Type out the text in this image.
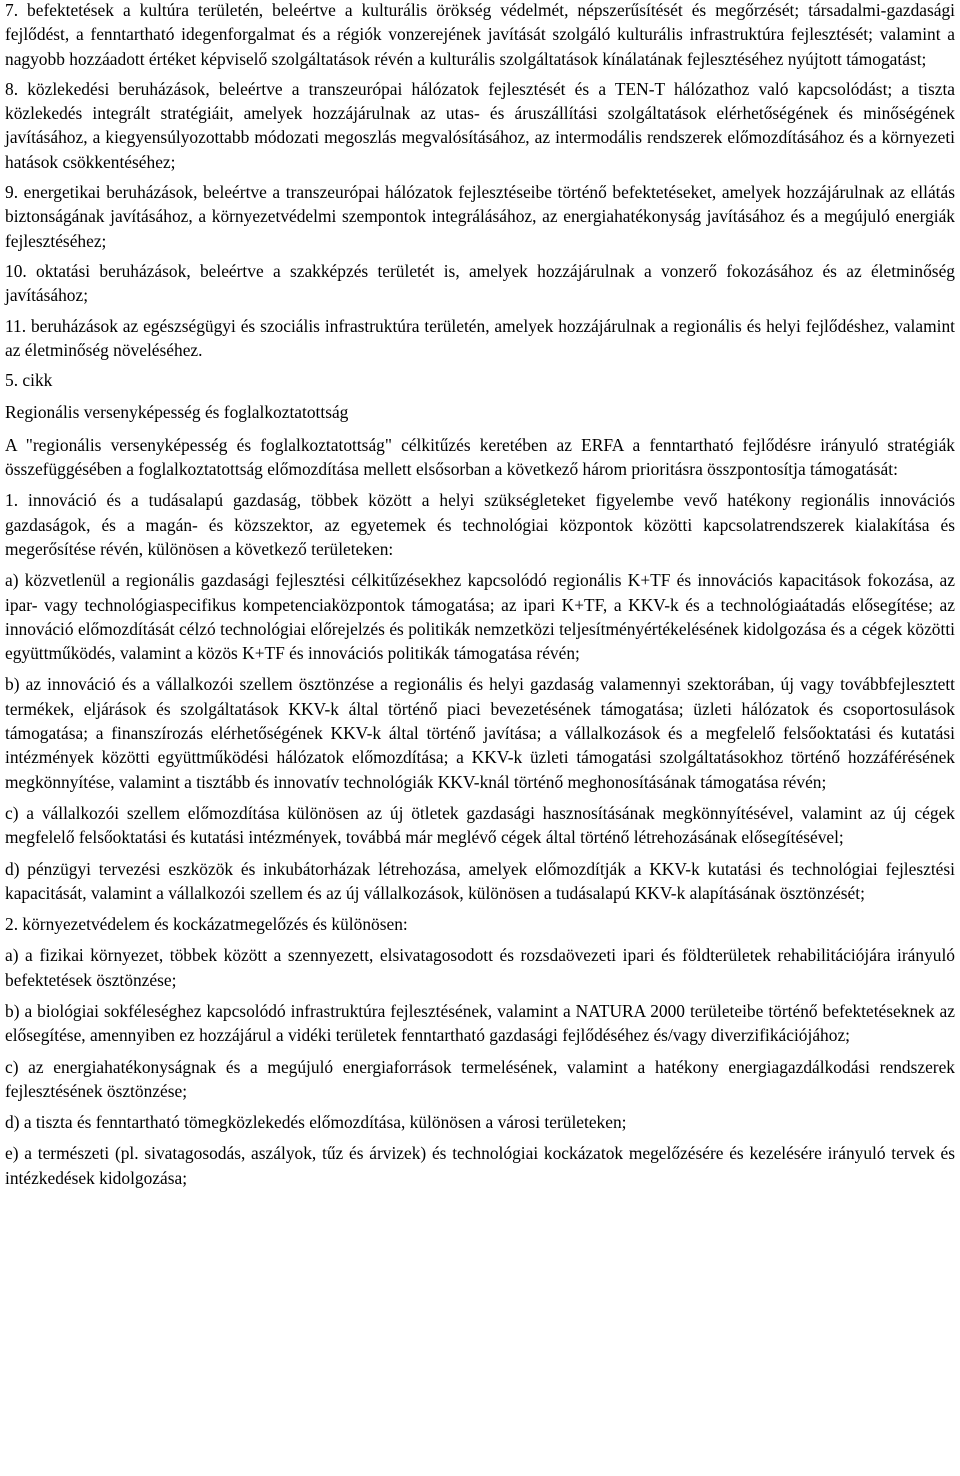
7. befektetések a kultúra területén, beleértve a kulturális örökség védelmét, népszerűsítését és megőrzését; társadalmi-gazdasági fejlődést, a fenntartható idegenforgalmat és a régiók vonzerejének javítását szolgáló kulturális infrastruktúra fejlesztését; valamint a nagyobb hozzáadott értéket képviselő szolgáltatások révén a kulturális szolgáltatások kínálatának fejlesztéséhez nyújtott támogatást;

8. közlekedési beruházások, beleértve a transzeurópai hálózatok fejlesztését és a TEN-T hálózathoz való kapcsolódást; a tiszta közlekedés integrált stratégiáit, amelyek hozzájárulnak az utas- és áruszállítási szolgáltatások elérhetőségének és minőségének javításához, a kiegyensúlyozottabb módozati megoszlás megvalósításához, az intermodális rendszerek előmozdításához és a környezeti hatások csökkentéséhez;

9. energetikai beruházások, beleértve a transzeurópai hálózatok fejlesztéseibe történő befektetéseket, amelyek hozzájárulnak az ellátás biztonságának javításához, a környezetvédelmi szempontok integrálásához, az energiahatékonyság javításához és a megújuló energiák fejlesztéséhez;

10. oktatási beruházások, beleértve a szakképzés területét is, amelyek hozzájárulnak a vonzerő fokozásához és az életminőség javításához;

11. beruházások az egészségügyi és szociális infrastruktúra területén, amelyek hozzájárulnak a regionális és helyi fejlődéshez, valamint az életminőség növeléséhez.

5. cikk

Regionális versenyképesség és foglalkoztatottság

A "regionális versenyképesség és foglalkoztatottság" célkitűzés keretében az ERFA a fenntartható fejlődésre irányuló stratégiák összefüggésében a foglalkoztatottság előmozdítása mellett elsősorban a következő három prioritásra összpontosítja támogatását:

1. innováció és a tudásalapú gazdaság, többek között a helyi szükségleteket figyelembe vevő hatékony regionális innovációs gazdaságok, és a magán- és közszektor, az egyetemek és technológiai központok közötti kapcsolatrendszerek kialakítása és megerősítése révén, különösen a következő területeken:

a) közvetlenül a regionális gazdasági fejlesztési célkitűzésekhez kapcsolódó regionális K+TF és innovációs kapacitások fokozása, az ipar- vagy technológiaspecifikus kompetenciaközpontok támogatása; az ipari K+TF, a KKV-k és a technológiaátadás elősegítése; az innováció előmozdítását célzó technológiai előrejelzés és politikák nemzetközi teljesítményértékelésének kidolgozása és a cégek közötti együttműködés, valamint a közös K+TF és innovációs politikák támogatása révén;

b) az innováció és a vállalkozói szellem ösztönzése a regionális és helyi gazdaság valamennyi szektorában, új vagy továbbfejlesztett termékek, eljárások és szolgáltatások KKV-k által történő piaci bevezetésének támogatása; üzleti hálózatok és csoportosulások támogatása; a finanszírozás elérhetőségének KKV-k által történő javítása; a vállalkozások és a megfelelő felsőoktatási és kutatási intézmények közötti együttműködési hálózatok előmozdítása; a KKV-k üzleti támogatási szolgáltatásokhoz történő hozzáférésének megkönnyítése, valamint a tisztább és innovatív technológiák KKV-knál történő meghonosításának támogatása révén;

c) a vállalkozói szellem előmozdítása különösen az új ötletek gazdasági hasznosításának megkönnyítésével, valamint az új cégek megfelelő felsőoktatási és kutatási intézmények, továbbá már meglévő cégek által történő létrehozásának elősegítésével;

d) pénzügyi tervezési eszközök és inkubátorházak létrehozása, amelyek előmozdítják a KKV-k kutatási és technológiai fejlesztési kapacitását, valamint a vállalkozói szellem és az új vállalkozások, különösen a tudásalapú KKV-k alapításának ösztönzését;

2. környezetvédelem és kockázatmegelőzés és különösen:

a) a fizikai környezet, többek között a szennyezett, elsivatagosodott és rozsdaövezeti ipari és földterületek rehabilitációjára irányuló befektetések ösztönzése;

b) a biológiai sokféleséghez kapcsolódó infrastruktúra fejlesztésének, valamint a NATURA 2000 területeibe történő befektetéseknek az elősegítése, amennyiben ez hozzájárul a vidéki területek fenntartható gazdasági fejlődéséhez és/vagy diverzifikációjához;

c) az energiahatékonyságnak és a megújuló energiaforrások termelésének, valamint a hatékony energiagazdálkodási rendszerek fejlesztésének ösztönzése;

d) a tiszta és fenntartható tömegközlekedés előmozdítása, különösen a városi területeken;

e) a természeti (pl. sivatagosodás, aszályok, tűz és árvizek) és technológiai kockázatok megelőzésére és kezelésére irányuló tervek és intézkedések kidolgozása;
